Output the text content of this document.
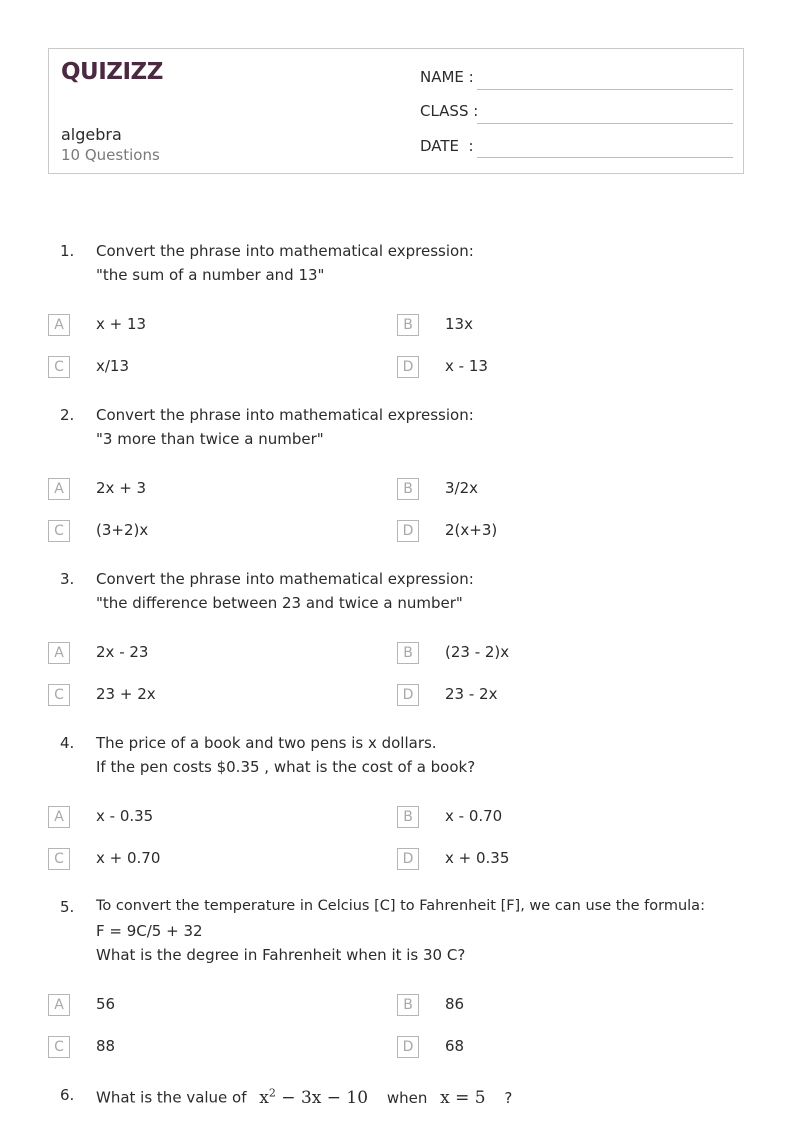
QUIZIZZ
algebra
10 Questions
NAME :
CLASS :
DATE  :
1. Convert the phrase into mathematical expression:
"the sum of a number and 13"
A	x + 13	B	13x
C	x/13	D	x - 13
2. Convert the phrase into mathematical expression:
"3 more than twice a number"
A	2x + 3	B	3/2x
C	(3+2)x	D	2(x+3)
3. Convert the phrase into mathematical expression:
"the difference between 23 and twice a number"
A	2x - 23	B	(23 - 2)x
C	23 + 2x	D	23 - 2x
4. The price of a book and two pens is x dollars.
If the pen costs $0.35 , what is the cost of a book?
A	x - 0.35	B	x - 0.70
C	x + 0.70	D	x + 0.35
5. To convert the temperature in Celcius [C] to Fahrenheit [F], we can use the formula:
F = 9C/5 + 32
What is the degree in Fahrenheit when it is 30 C?
A	56	B	86
C	88	D	68
6. What is the value of $x^2 - 3x - 10$ when x = 5 ?
